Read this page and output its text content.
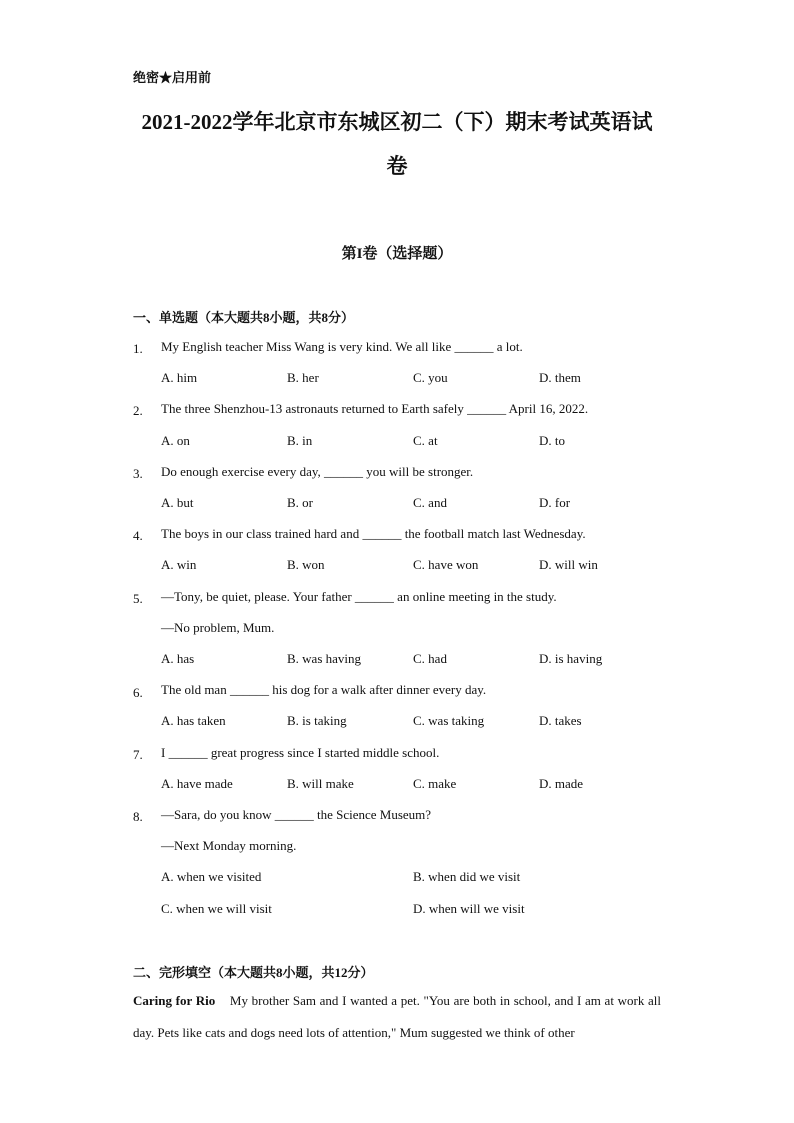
绝密★启用前
2021-2022学年北京市东城区初二（下）期末考试英语试卷
第I卷（选择题）
一、单选题（本大题共8小题，共8分）
1. My English teacher Miss Wang is very kind. We all like ______ a lot.
A. him	B. her	C. you	D. them
2. The three Shenzhou-13 astronauts returned to Earth safely ______ April 16, 2022.
A. on	B. in	C. at	D. to
3. Do enough exercise every day, ______ you will be stronger.
A. but	B. or	C. and	D. for
4. The boys in our class trained hard and ______ the football match last Wednesday.
A. win	B. won	C. have won	D. will win
5. —Tony, be quiet, please. Your father ______ an online meeting in the study.
—No problem, Mum.
A. has	B. was having	C. had	D. is having
6. The old man ______ his dog for a walk after dinner every day.
A. has taken	B. is taking	C. was taking	D. takes
7. I ______ great progress since I started middle school.
A. have made	B. will make	C. make	D. made
8. —Sara, do you know ______ the Science Museum?
—Next Monday morning.
A. when we visited	B. when did we visit
C. when we will visit	D. when will we visit
二、完形填空（本大题共8小题，共12分）
Caring for Rio My brother Sam and I wanted a pet. "You are both in school, and I am at work all day. Pets like cats and dogs need lots of attention," Mum suggested we think of other
